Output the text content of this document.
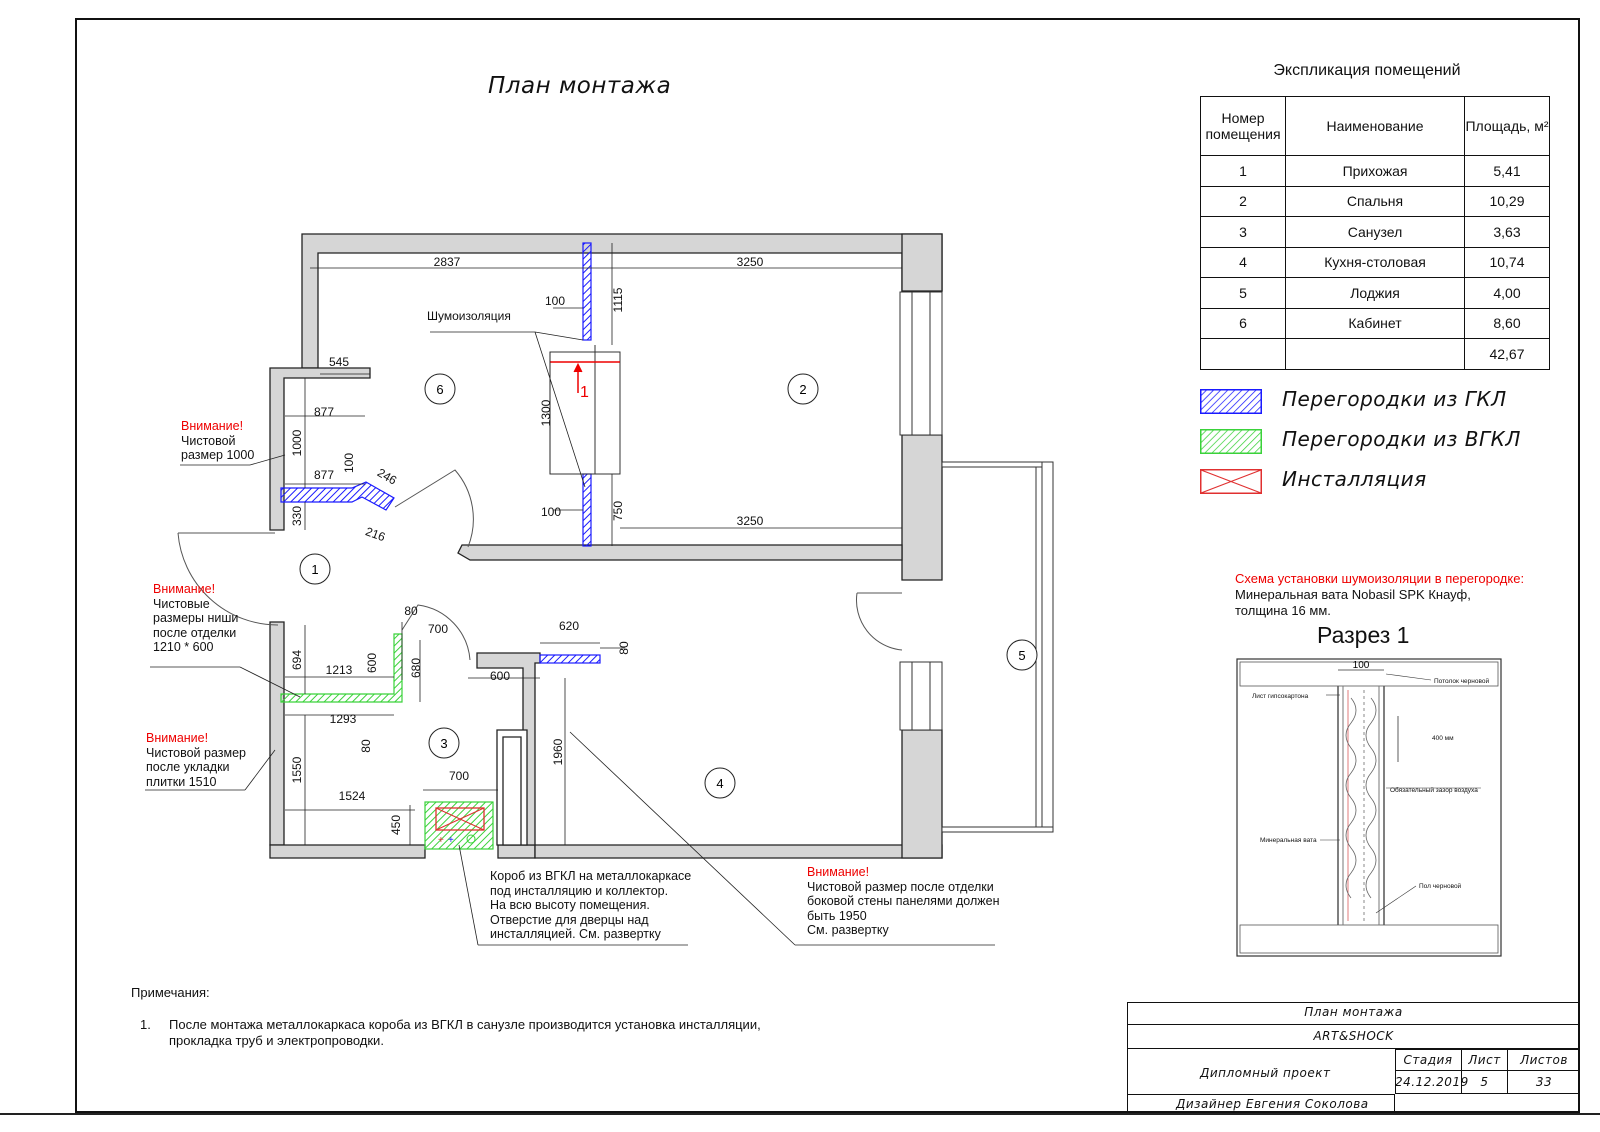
План монтажа
Экспликация помещений
Номер помещения	Наименование	Площадь, м²
1	Прихожая	5,41
2	Спальня	10,29
3	Санузел	3,63
4	Кухня-столовая	10,74
5	Лоджия	4,00
6	Кабинет	8,60
		42,67
Перегородки из ГКЛ
Перегородки из ВГКЛ
Инсталляция
+ +
1
2
3
4
5
6
2837	3250
3250
100
100
1115
1300
750
545
877
877
1000
330
100
246
216
80
700	620
80
694 1213 600	680	600
1293
80
1550
1960
700
1524
450
Шумоизоляция
1
Внимание!
Чистовой
размер 1000
Внимание!
Чистовые
размеры ниши
после отделки
1210 * 600
Внимание!
Чистовой размер
после укладки
плитки 1510
Внимание!
Чистовой размер после отделки
боковой стены панелями должен
быть 1950
См. развертку
Короб из ВГКЛ на металлокаркасе
под инсталляцию и коллектор.
На всю высоту помещения.
Отверстие для дверцы над
инсталляцией. См. развертку
Схема установки шумоизоляции в перегородке:
Минеральная вата Nobasil SPK Кнауф,
толщина 16 мм.
Разрез 1
100
Потолок черновой
Лист гипсокартона
400 мм
Обязательный зазор воздуха
Минеральная вата
Пол черновой
Примечания:
1. После монтажа металлокаркаса короба из ВГКЛ в санузле производится установка инсталляции,
прокладка труб и электропроводки.
План монтажа
ART&SHOCK
Дипломный проект
Стадия	Лист	Листов
24.12.2019 5	33
Дизайнер Евгения Соколова
